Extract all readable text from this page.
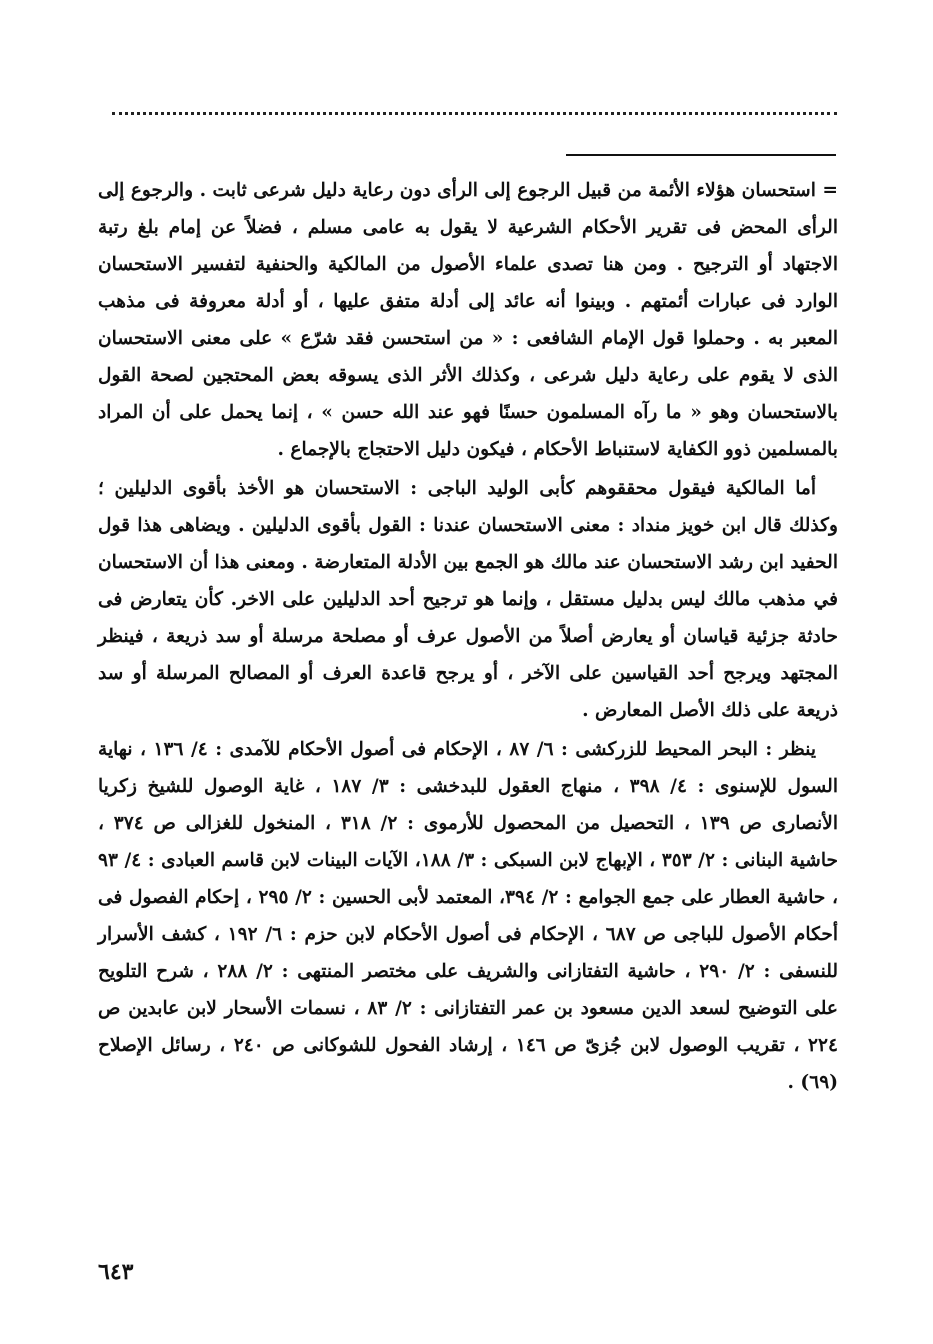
= استحسان هؤلاء الأئمة من قبيل الرجوع إلى الرأى دون رعاية دليل شرعى ثابت . والرجوع إلى الرأى المحض فى تقرير الأحكام الشرعية لا يقول به عامى مسلم ، فضلاً عن إمام بلغ رتبة الاجتهاد أو الترجيح . ومن هنا تصدى علماء الأصول من المالكية والحنفية لتفسير الاستحسان الوارد فى عبارات أئمتهم . وبينوا أنه عائد إلى أدلة متفق عليها ، أو أدلة معروفة فى مذهب المعبر به . وحملوا قول الإمام الشافعى : « من استحسن فقد شرّع » على معنى الاستحسان الذى لا يقوم على رعاية دليل شرعى ، وكذلك الأثر الذى يسوقه بعض المحتجين لصحة القول بالاستحسان وهو « ما رآه المسلمون حسنًا فهو عند الله حسن » ، إنما يحمل على أن المراد بالمسلمين ذوو الكفاية لاستنباط الأحكام ، فيكون دليل الاحتجاج بالإجماع .

أما المالكية فيقول محققوهم كأبى الوليد الباجى : الاستحسان هو الأخذ بأقوى الدليلين ؛ وكذلك قال ابن خويز منداد : معنى الاستحسان عندنا : القول بأقوى الدليلين . ويضاهى هذا قول الحفيد ابن رشد الاستحسان عند مالك هو الجمع بين الأدلة المتعارضة . ومعنى هذا أن الاستحسان في مذهب مالك ليس بدليل مستقل ، وإنما هو ترجيح أحد الدليلين على الاخر. كأن يتعارض فى حادثة جزئية قياسان أو يعارض أصلاً من الأصول عرف أو مصلحة مرسلة أو سد ذريعة ، فينظر المجتهد ويرجح أحد القياسين على الآخر ، أو يرجح قاعدة العرف أو المصالح المرسلة أو سد ذريعة على ذلك الأصل المعارض .

ينظر : البحر المحيط للزركشى : ٦/ ٨٧ ، الإحكام فى أصول الأحكام للآمدى : ٤/ ١٣٦ ، نهاية السول للإسنوى : ٤/ ٣٩٨ ، منهاج العقول للبدخشى : ٣/ ١٨٧ ، غاية الوصول للشيخ زكريا الأنصارى ص ١٣٩ ، التحصيل من المحصول للأرموى : ٢/ ٣١٨ ، المنخول للغزالى ص ٣٧٤ ، حاشية البنانى : ٢/ ٣٥٣ ، الإبهاج لابن السبكى : ٣/ ١٨٨، الآيات البينات لابن قاسم العبادى : ٤/ ٩٣ ، حاشية العطار على جمع الجوامع : ٢/ ٣٩٤، المعتمد لأبى الحسين : ٢/ ٢٩٥ ، إحكام الفصول فى أحكام الأصول للباجى ص ٦٨٧ ، الإحكام فى أصول الأحكام لابن حزم : ٦/ ١٩٢ ، كشف الأسرار للنسفى : ٢/ ٢٩٠ ، حاشية التفتازانى والشريف على مختصر المنتهى : ٢/ ٢٨٨ ، شرح التلويح على التوضيح لسعد الدين مسعود بن عمر التفتازانى : ٢/ ٨٣ ، نسمات الأسحار لابن عابدين ص ٢٢٤ ، تقريب الوصول لابن جُزىّ ص ١٤٦ ، إرشاد الفحول للشوكانى ص ٢٤٠ ، رسائل الإصلاح (٦٩) .

٦٤٣
